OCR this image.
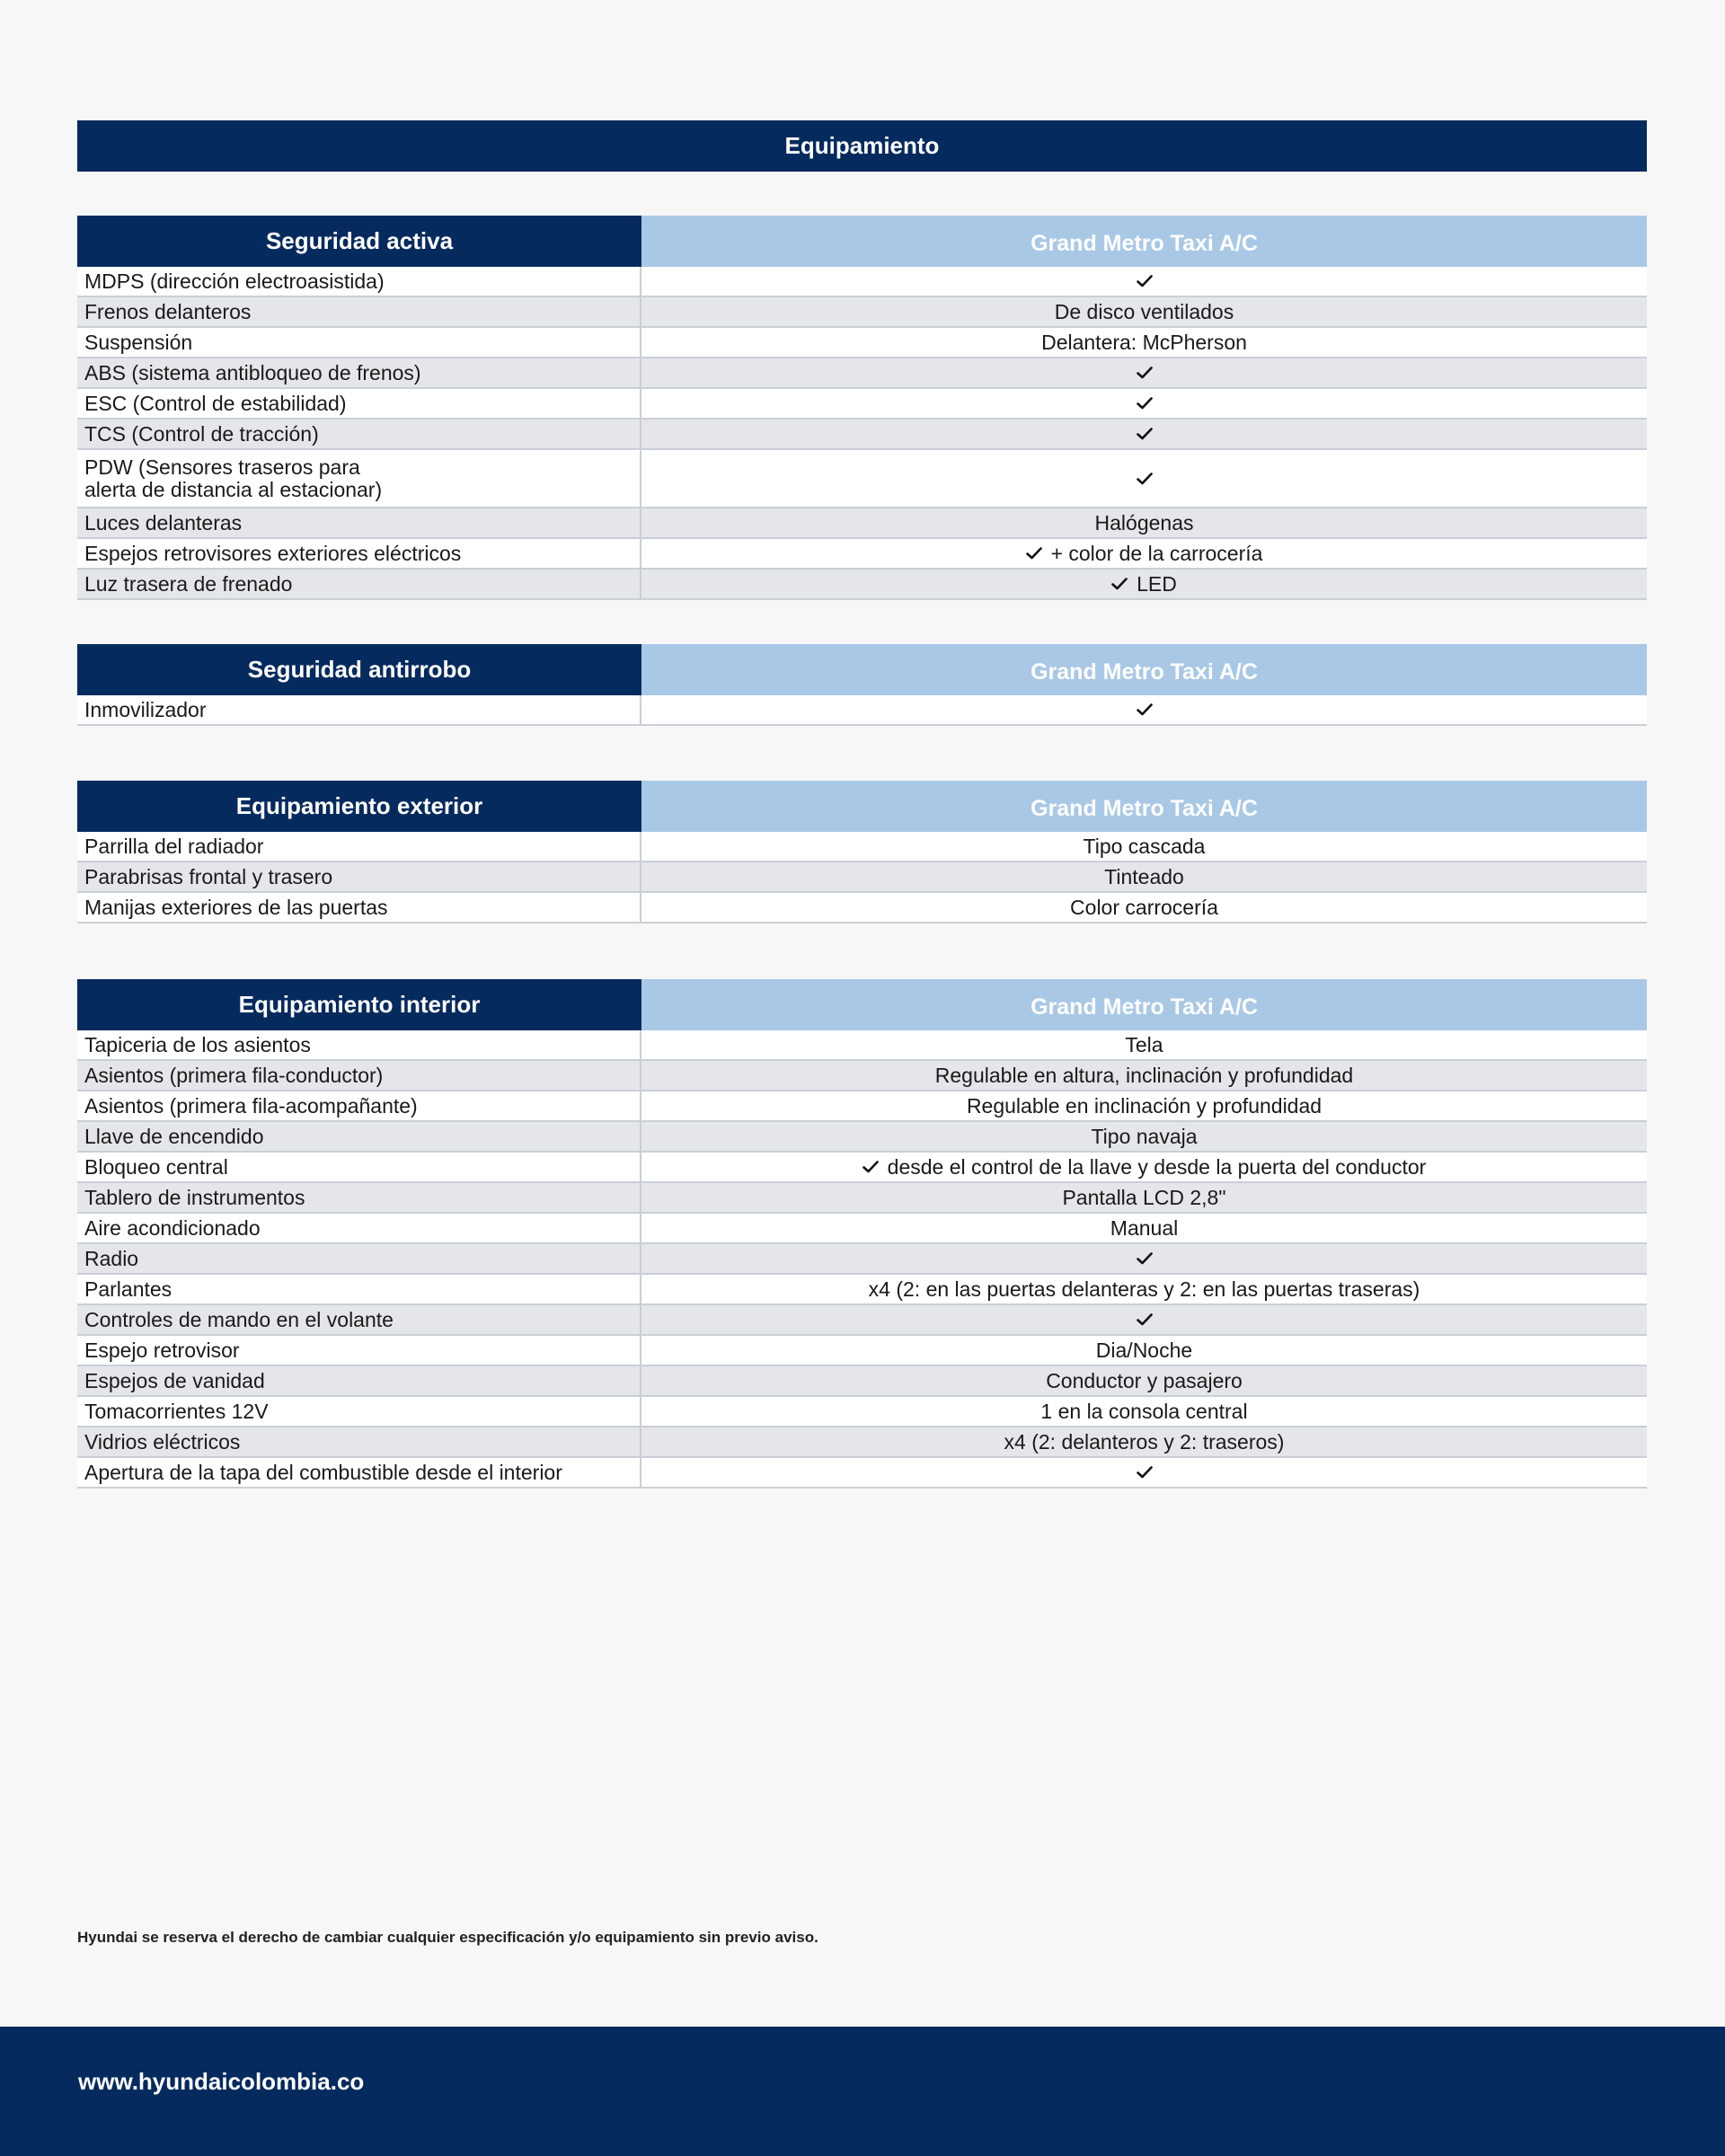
Equipamiento
Seguridad activa	Grand Metro Taxi A/C
MDPS (dirección electroasistida)
Frenos delanteros	De disco ventilados
Suspensión	Delantera: McPherson
ABS (sistema antibloqueo de frenos)
ESC (Control de estabilidad)
TCS (Control de tracción)
PDW (Sensores traseros para alerta de distancia al estacionar)
Luces delanteras	Halógenas
Espejos retrovisores exteriores eléctricos	+ color de la carrocería
Luz trasera de frenado	LED
Seguridad antirrobo	Grand Metro Taxi A/C
Inmovilizador
Equipamiento exterior	Grand Metro Taxi A/C
Parrilla del radiador	Tipo cascada
Parabrisas frontal y trasero	Tinteado
Manijas exteriores de las puertas	Color carrocería
Equipamiento interior	Grand Metro Taxi A/C
Tapiceria de los asientos	Tela
Asientos (primera fila-conductor)	Regulable en altura, inclinación y profundidad
Asientos (primera fila-acompañante)	Regulable en inclinación y profundidad
Llave de encendido	Tipo navaja
Bloqueo central	desde el control de la llave y desde la puerta del conductor
Tablero de instrumentos	Pantalla LCD 2,8"
Aire acondicionado	Manual
Radio
Parlantes	x4 (2: en las puertas delanteras y 2: en las puertas traseras)
Controles de mando en el volante
Espejo retrovisor	Dia/Noche
Espejos de vanidad	Conductor y pasajero
Tomacorrientes 12V	1 en la consola central
Vidrios eléctricos	x4 (2: delanteros y 2: traseros)
Apertura de la tapa del combustible desde el interior
Hyundai se reserva el derecho de cambiar cualquier especificación y/o equipamiento sin previo aviso.
www.hyundaicolombia.co
